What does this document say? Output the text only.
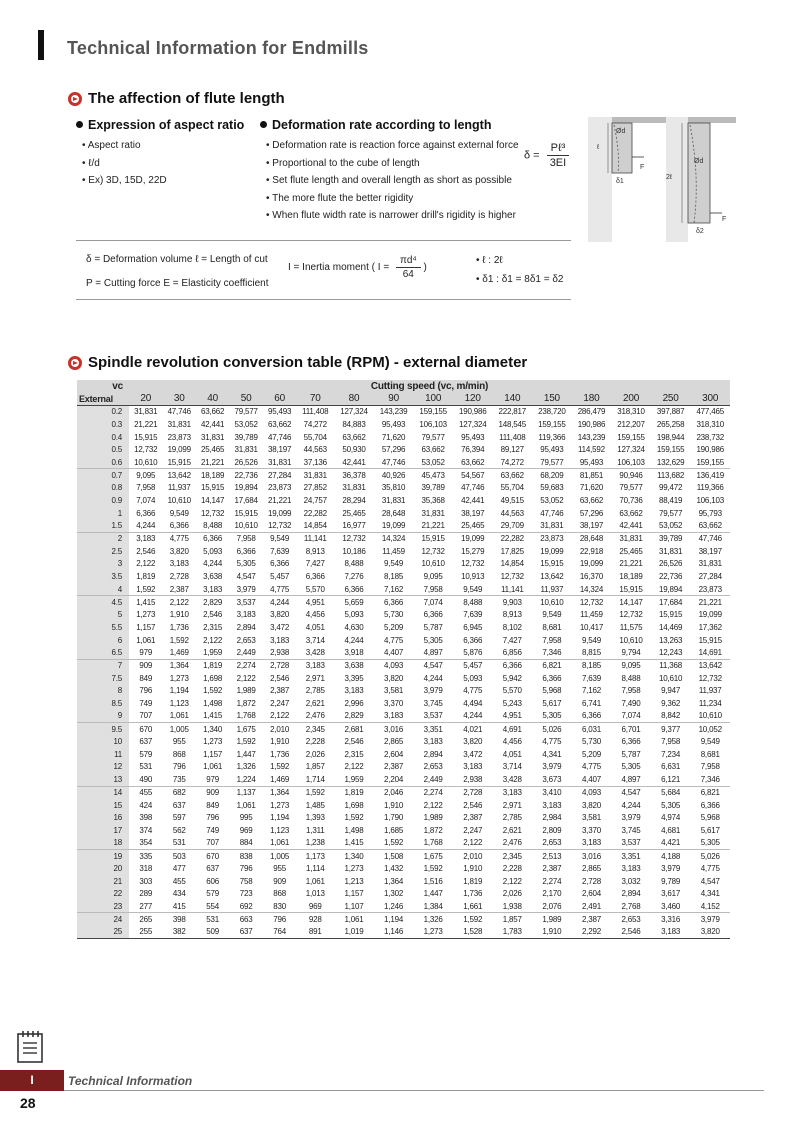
Technical Information for Endmills
The affection of flute length
Expression of aspect ratio
• Aspect ratio
• ℓ/d
• Ex) 3D, 15D, 22D
Deformation rate according to length
• Deformation rate is reaction force against external force
• Proportional to the cube of length
• Set flute length and overall length as short as possible
• The more flute the better rigidity
• When flute width rate is narrower drill's rigidity is higher
$\delta = \frac{\text{Pℓ³}}{3EI}$
Ød
ℓ
F
δ1
Ød
2ℓ
F
δ2
δ = Deformation volume ℓ = Length of cut
P = Cutting force E = Elasticity coefficient
I = Inertia moment ( $I = \frac{\text{πd⁴}}{64}$ )
• ℓ : 2ℓ
• δ1 : δ1 = 8δ1 = δ2
Spindle revolution conversion table (RPM) - external diameter
vc	Cutting speed (vc, m/min)															
External	20	30	40	50	60	70	80	90	100	120	140	150	180	200	250	300
0.2	31,831	47,746	63,662	79,577	95,493	111,408	127,324	143,239	159,155	190,986	222,817	238,720	286,479	318,310	397,887	477,465
0.3	21,221	31,831	42,441	53,052	63,662	74,272	84,883	95,493	106,103	127,324	148,545	159,155	190,986	212,207	265,258	318,310
0.4	15,915	23,873	31,831	39,789	47,746	55,704	63,662	71,620	79,577	95,493	111,408	119,366	143,239	159,155	198,944	238,732
0.5	12,732	19,099	25,465	31,831	38,197	44,563	50,930	57,296	63,662	76,394	89,127	95,493	114,592	127,324	159,155	190,986
0.6	10,610	15,915	21,221	26,526	31,831	37,136	42,441	47,746	53,052	63,662	74,272	79,577	95,493	106,103	132,629	159,155
0.7	9,095	13,642	18,189	22,736	27,284	31,831	36,378	40,926	45,473	54,567	63,662	68,209	81,851	90,946	113,682	136,419
0.8	7,958	11,937	15,915	19,894	23,873	27,852	31,831	35,810	39,789	47,746	55,704	59,683	71,620	79,577	99,472	119,366
0.9	7,074	10,610	14,147	17,684	21,221	24,757	28,294	31,831	35,368	42,441	49,515	53,052	63,662	70,736	88,419	106,103
1	6,366	9,549	12,732	15,915	19,099	22,282	25,465	28,648	31,831	38,197	44,563	47,746	57,296	63,662	79,577	95,793
1.5	4,244	6,366	8,488	10,610	12,732	14,854	16,977	19,099	21,221	25,465	29,709	31,831	38,197	42,441	53,052	63,662
2	3,183	4,775	6,366	7,958	9,549	11,141	12,732	14,324	15,915	19,099	22,282	23,873	28,648	31,831	39,789	47,746
2.5	2,546	3,820	5,093	6,366	7,639	8,913	10,186	11,459	12,732	15,279	17,825	19,099	22,918	25,465	31,831	38,197
3	2,122	3,183	4,244	5,305	6,366	7,427	8,488	9,549	10,610	12,732	14,854	15,915	19,099	21,221	26,526	31,831
3.5	1,819	2,728	3,638	4,547	5,457	6,366	7,276	8,185	9,095	10,913	12,732	13,642	16,370	18,189	22,736	27,284
4	1,592	2,387	3,183	3,979	4,775	5,570	6,366	7,162	7,958	9,549	11,141	11,937	14,324	15,915	19,894	23,873
4.5	1,415	2,122	2,829	3,537	4,244	4,951	5,659	6,366	7,074	8,488	9,903	10,610	12,732	14,147	17,684	21,221
5	1,273	1,910	2,546	3,183	3,820	4,456	5,093	5,730	6,366	7,639	8,913	9,549	11,459	12,732	15,915	19,099
5.5	1,157	1,736	2,315	2,894	3,472	4,051	4,630	5,209	5,787	6,945	8,102	8,681	10,417	11,575	14,469	17,362
6	1,061	1,592	2,122	2,653	3,183	3,714	4,244	4,775	5,305	6,366	7,427	7,958	9,549	10,610	13,263	15,915
6.5	979	1,469	1,959	2,449	2,938	3,428	3,918	4,407	4,897	5,876	6,856	7,346	8,815	9,794	12,243	14,691
7	909	1,364	1,819	2,274	2,728	3,183	3,638	4,093	4,547	5,457	6,366	6,821	8,185	9,095	11,368	13,642
7.5	849	1,273	1,698	2,122	2,546	2,971	3,395	3,820	4,244	5,093	5,942	6,366	7,639	8,488	10,610	12,732
8	796	1,194	1,592	1,989	2,387	2,785	3,183	3,581	3,979	4,775	5,570	5,968	7,162	7,958	9,947	11,937
8.5	749	1,123	1,498	1,872	2,247	2,621	2,996	3,370	3,745	4,494	5,243	5,617	6,741	7,490	9,362	11,234
9	707	1,061	1,415	1,768	2,122	2,476	2,829	3,183	3,537	4,244	4,951	5,305	6,366	7,074	8,842	10,610
9.5	670	1,005	1,340	1,675	2,010	2,345	2,681	3,016	3,351	4,021	4,691	5,026	6,031	6,701	9,377	10,052
10	637	955	1,273	1,592	1,910	2,228	2,546	2,865	3,183	3,820	4,456	4,775	5,730	6,366	7,958	9,549
11	579	868	1,157	1,447	1,736	2,026	2,315	2,604	2,894	3,472	4,051	4,341	5,209	5,787	7,234	8,681
12	531	796	1,061	1,326	1,592	1,857	2,122	2,387	2,653	3,183	3,714	3,979	4,775	5,305	6,631	7,958
13	490	735	979	1,224	1,469	1,714	1,959	2,204	2,449	2,938	3,428	3,673	4,407	4,897	6,121	7,346
14	455	682	909	1,137	1,364	1,592	1,819	2,046	2,274	2,728	3,183	3,410	4,093	4,547	5,684	6,821
15	424	637	849	1,061	1,273	1,485	1,698	1,910	2,122	2,546	2,971	3,183	3,820	4,244	5,305	6,366
16	398	597	796	995	1,194	1,393	1,592	1,790	1,989	2,387	2,785	2,984	3,581	3,979	4,974	5,968
17	374	562	749	969	1,123	1,311	1,498	1,685	1,872	2,247	2,621	2,809	3,370	3,745	4,681	5,617
18	354	531	707	884	1,061	1,238	1,415	1,592	1,768	2,122	2,476	2,653	3,183	3,537	4,421	5,305
19	335	503	670	838	1,005	1,173	1,340	1,508	1,675	2,010	2,345	2,513	3,016	3,351	4,188	5,026
20	318	477	637	796	955	1,114	1,273	1,432	1,592	1,910	2,228	2,387	2,865	3,183	3,979	4,775
21	303	455	606	758	909	1,061	1,213	1,364	1,516	1,819	2,122	2,274	2,728	3,032	9,789	4,547
22	289	434	579	723	868	1,013	1,157	1,302	1,447	1,736	2,026	2,170	2,604	2,894	3,617	4,341
23	277	415	554	692	830	969	1,107	1,246	1,384	1,661	1,938	2,076	2,491	2,768	3,460	4,152
24	265	398	531	663	796	928	1,061	1,194	1,326	1,592	1,857	1,989	2,387	2,653	3,316	3,979
25	255	382	509	637	764	891	1,019	1,146	1,273	1,528	1,783	1,910	2,292	2,546	3,183	3,820
I	Technical Information
28
